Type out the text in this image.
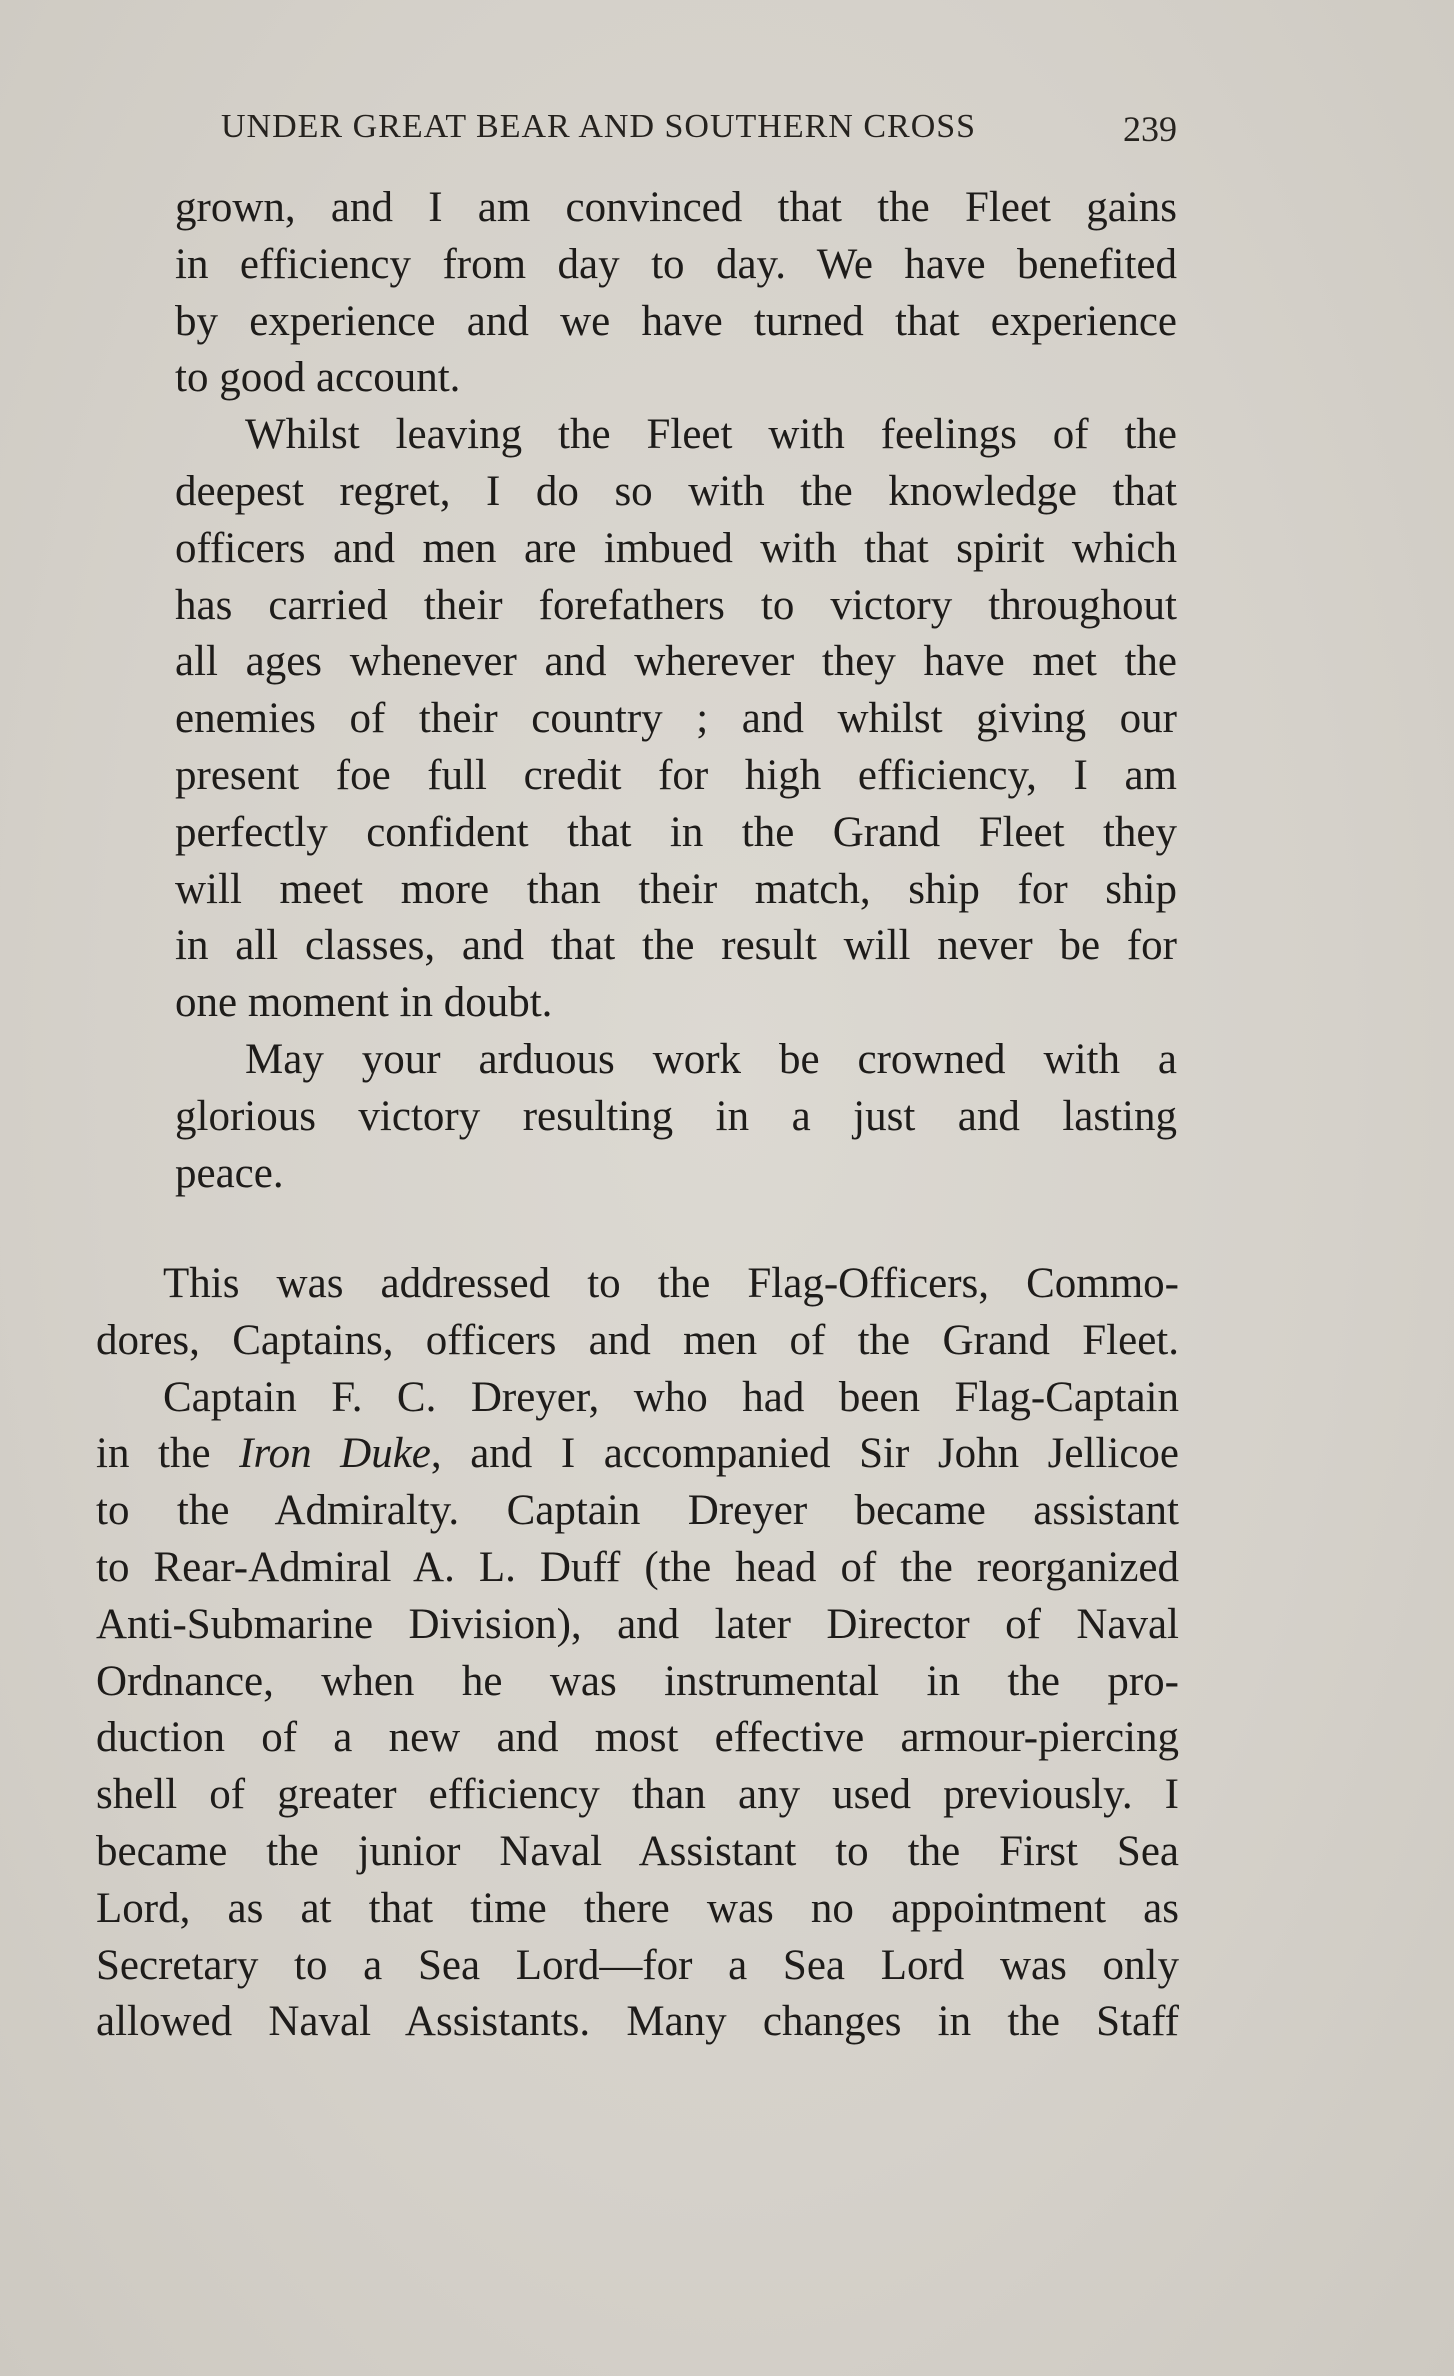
UNDER GREAT BEAR AND SOUTHERN CROSS	239
grown, and I am convinced that the Fleet gains
in efficiency from day to day. We have benefited
by experience and we have turned that experience
to good account.
Whilst leaving the Fleet with feelings of the
deepest regret, I do so with the knowledge that
officers and men are imbued with that spirit which
has carried their forefathers to victory throughout
all ages whenever and wherever they have met the
enemies of their country ; and whilst giving our
present foe full credit for high efficiency, I am
perfectly confident that in the Grand Fleet they
will meet more than their match, ship for ship
in all classes, and that the result will never be for
one moment in doubt.
May your arduous work be crowned with a
glorious victory resulting in a just and lasting
peace.
This was addressed to the Flag-Officers, Commo-
dores, Captains, officers and men of the Grand Fleet.
Captain F. C. Dreyer, who had been Flag-Captain
in the Iron Duke, and I accompanied Sir John Jellicoe
to the Admiralty. Captain Dreyer became assistant
to Rear-Admiral A. L. Duff (the head of the reorganized
Anti-Submarine Division), and later Director of Naval
Ordnance, when he was instrumental in the pro-
duction of a new and most effective armour-piercing
shell of greater efficiency than any used previously. I
became the junior Naval Assistant to the First Sea
Lord, as at that time there was no appointment as
Secretary to a Sea Lord—for a Sea Lord was only
allowed Naval Assistants. Many changes in the Staff
